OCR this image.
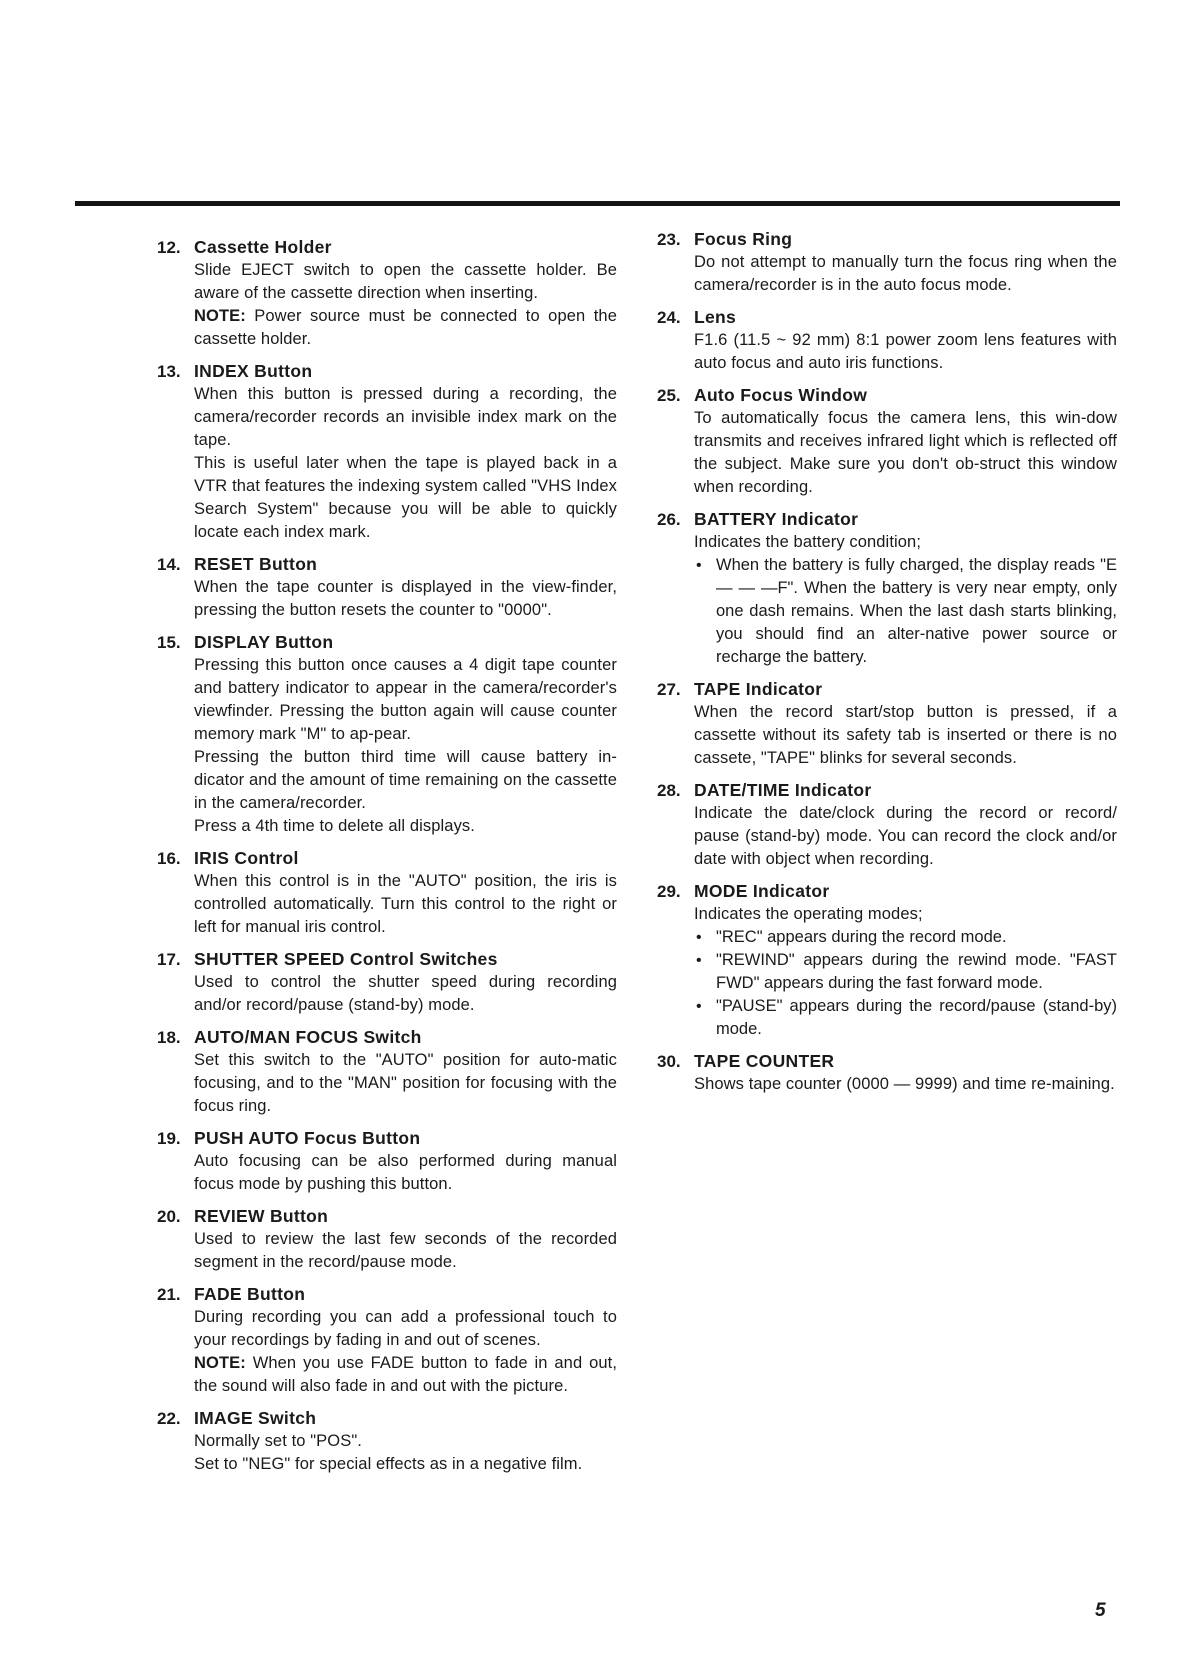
12. Cassette Holder

Slide EJECT switch to open the cassette holder. Be aware of the cassette direction when inserting.

NOTE: Power source must be connected to open the cassette holder.

13. INDEX Button

When this button is pressed during a recording, the camera/recorder records an invisible index mark on the tape.

This is useful later when the tape is played back in a VTR that features the indexing system called "VHS Index Search System" because you will be able to quickly locate each index mark.

14. RESET Button

When the tape counter is displayed in the view-finder, pressing the button resets the counter to "0000".

15. DISPLAY Button

Pressing this button once causes a 4 digit tape counter and battery indicator to appear in the camera/recorder's viewfinder. Pressing the button again will cause counter memory mark "M" to ap-pear.

Pressing the button third time will cause battery in-dicator and the amount of time remaining on the cassette in the camera/recorder.

Press a 4th time to delete all displays.

16. IRIS Control

When this control is in the "AUTO" position, the iris is controlled automatically. Turn this control to the right or left for manual iris control.

17. SHUTTER SPEED Control Switches

Used to control the shutter speed during recording and/or record/pause (stand-by) mode.

18. AUTO/MAN FOCUS Switch

Set this switch to the "AUTO" position for auto-matic focusing, and to the "MAN" position for focusing with the focus ring.

19. PUSH AUTO Focus Button

Auto focusing can be also performed during manual focus mode by pushing this button.

20. REVIEW Button

Used to review the last few seconds of the recorded segment in the record/pause mode.

21. FADE Button

During recording you can add a professional touch to your recordings by fading in and out of scenes.

NOTE: When you use FADE button to fade in and out, the sound will also fade in and out with the picture.

22. IMAGE Switch

Normally set to "POS".

Set to "NEG" for special effects as in a negative film.

23. Focus Ring

Do not attempt to manually turn the focus ring when the camera/recorder is in the auto focus mode.

24. Lens

F1.6 (11.5 ~ 92 mm) 8:1 power zoom lens features with auto focus and auto iris functions.

25. Auto Focus Window

To automatically focus the camera lens, this win-dow transmits and receives infrared light which is reflected off the subject. Make sure you don't ob-struct this window when recording.

26. BATTERY Indicator

Indicates the battery condition;

• When the battery is fully charged, the display reads "E— — —F". When the battery is very near empty, only one dash remains. When the last dash starts blinking, you should find an alter-native power source or recharge the battery.
27. TAPE Indicator

When the record start/stop button is pressed, if a cassette without its safety tab is inserted or there is no cassete, "TAPE" blinks for several seconds.

28. DATE/TIME Indicator

Indicate the date/clock during the record or record/ pause (stand-by) mode. You can record the clock and/or date with object when recording.

29. MODE Indicator

Indicates the operating modes;

• "REC" appears during the record mode.
• "REWIND" appears during the rewind mode. "FAST FWD" appears during the fast forward mode.
• "PAUSE" appears during the record/pause (stand-by) mode.
30. TAPE COUNTER

Shows tape counter (0000 — 9999) and time re-maining.

5
